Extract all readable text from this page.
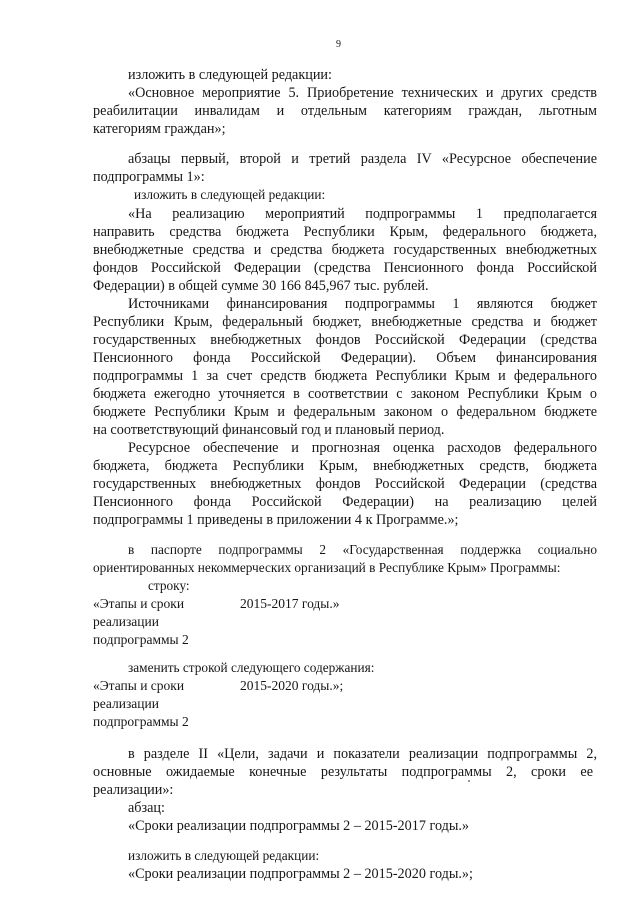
9
изложить в следующей редакции:
«Основное мероприятие 5. Приобретение технических и других средств
реабилитации инвалидам и отдельным категориям граждан, льготным
категориям граждан»;
абзацы первый, второй и третий раздела IV «Ресурсное обеспечение
подпрограммы 1»:
изложить в следующей редакции:
«На реализацию мероприятий подпрограммы 1 предполагается
направить средства бюджета Республики Крым, федерального бюджета,
внебюджетные средства и средства бюджета государственных внебюджетных
фондов Российской Федерации (средства Пенсионного фонда Российской
Федерации) в общей сумме 30 166 845,967 тыс. рублей.
Источниками финансирования подпрограммы 1 являются бюджет
Республики Крым, федеральный бюджет, внебюджетные средства и бюджет
государственных внебюджетных фондов Российской Федерации (средства
Пенсионного фонда Российской Федерации). Объем финансирования
подпрограммы 1 за счет средств бюджета Республики Крым и федерального
бюджета ежегодно уточняется в соответствии с законом Республики Крым о
бюджете Республики Крым и федеральным законом о федеральном бюджете
на соответствующий финансовый год и плановый период.
Ресурсное обеспечение и прогнозная оценка расходов федерального
бюджета, бюджета Республики Крым, внебюджетных средств, бюджета
государственных внебюджетных фондов Российской Федерации (средства
Пенсионного фонда Российской Федерации) на реализацию целей
подпрограммы 1 приведены в приложении 4 к Программе.»;
в паспорте подпрограммы 2 «Государственная поддержка социально
ориентированных некоммерческих организаций в Республике Крым» Программы:
строку:
«Этапы и сроки	2015-2017 годы.»
реализации
подпрограммы 2
заменить строкой следующего содержания:
«Этапы и сроки	2015-2020 годы.»;
реализации
подпрограммы 2
в разделе II «Цели, задачи и показатели реализации подпрограммы 2,
основные ожидаемые конечные результаты подпрограммы 2, сроки ее
реализации»:
абзац:
«Сроки реализации подпрограммы 2 – 2015-2017 годы.»
изложить в следующей редакции:
«Сроки реализации подпрограммы 2 – 2015-2020 годы.»;
